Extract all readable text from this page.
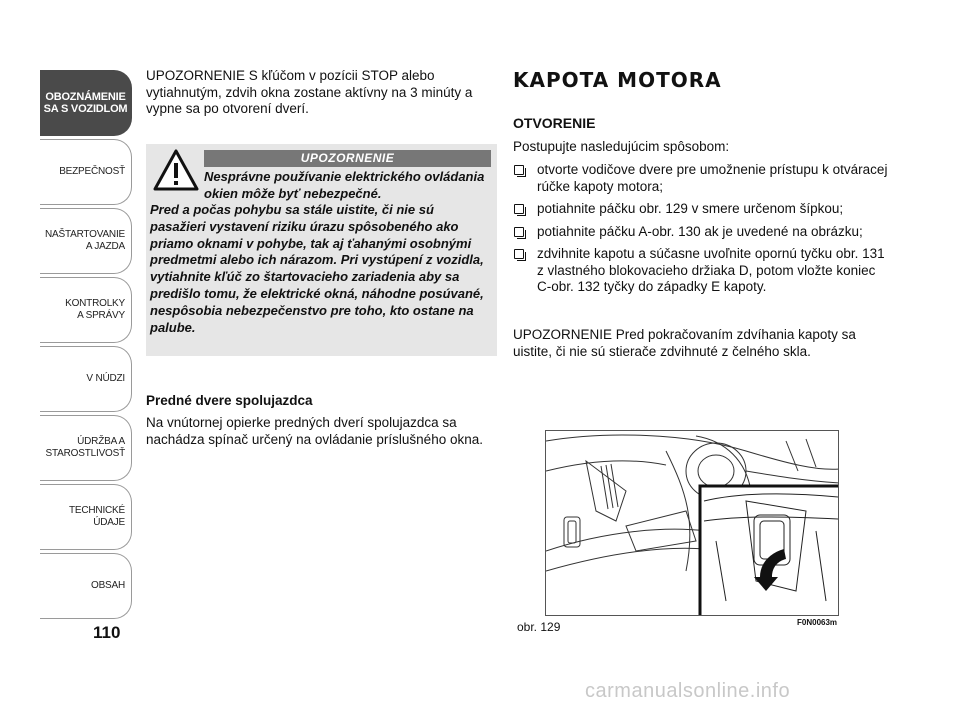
OBOZNÁMENIE
SA S VOZIDLOM
BEZPEČNOSŤ
NAŠTARTOVANIE
A JAZDA
KONTROLKY
A SPRÁVY
V NÚDZI
ÚDRŽBA A
STAROSTLIVOSŤ
TECHNICKÉ
ÚDAJE
OBSAH
110
UPOZORNENIE S kľúčom v pozícii STOP alebo vytiahnutým, zdvih okna zostane aktívny na 3 minúty a vypne sa po otvorení dverí.
UPOZORNENIE
Nesprávne používanie elektrického ovládania okien môže byť nebezpečné.
Pred a počas pohybu sa stále uistite, či nie sú pasažieri vystavení riziku úrazu spôsobeného ako priamo oknami v pohybe, tak aj ťahanými osobnými predmetmi alebo ich nárazom. Pri vystúpení z vozidla, vytiahnite kľúč zo štartovacieho zariadenia aby sa predišlo tomu, že elektrické okná, náhodne posúvané, nespôsobia nebezpečenstvo pre toho, kto ostane na palube.
Predné dvere spolujazdca
Na vnútornej opierke predných dverí spolujazdca sa nachádza spínač určený na ovládanie príslušného okna.
KAPOTA MOTORA
OTVORENIE
Postupujte nasledujúcim spôsobom:
otvorte vodičove dvere pre umožnenie prístupu k otváracej rúčke kapoty motora;
potiahnite páčku obr. 129 v smere určenom šípkou;
potiahnite páčku A-obr. 130 ak je uvedené na obrázku;
zdvihnite kapotu a súčasne uvoľnite opornú tyčku obr. 131 z vlastného blokovacieho držiaka D, potom vložte koniec C-obr. 132 tyčky do západky E kapoty.
UPOZORNENIE Pred pokračovaním zdvíhania kapoty sa uistite, či nie sú stierače zdvihnuté z čelného skla.
obr. 129	F0N0063m
carmanualsonline.info
